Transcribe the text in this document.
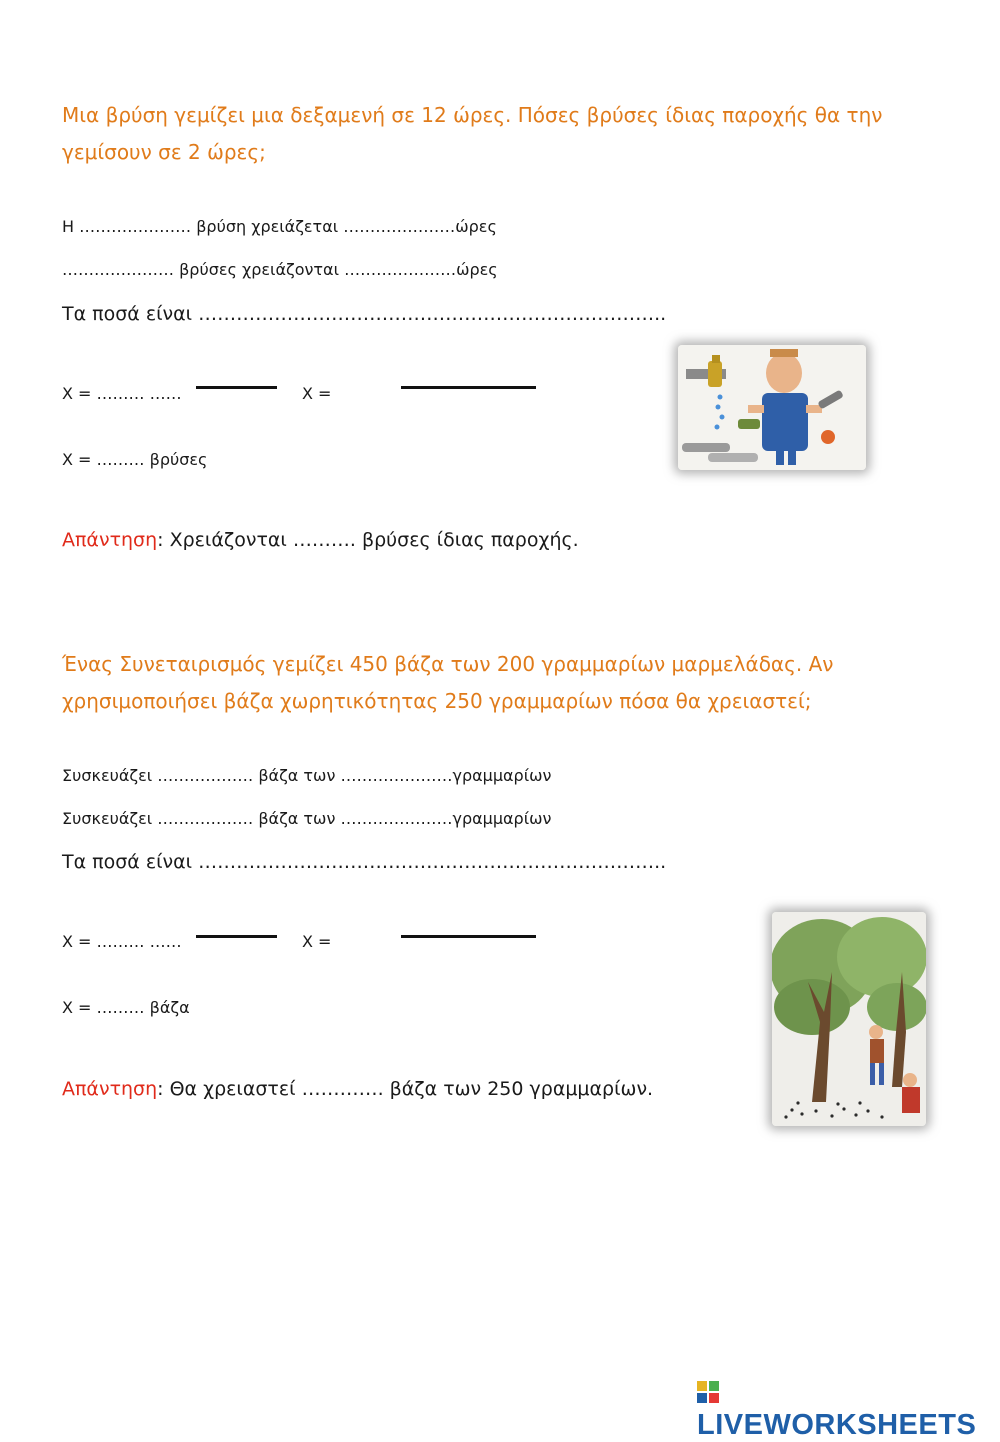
Μια βρύση γεμίζει μια δεξαμενή σε 12 ώρες. Πόσες βρύσες ίδιας παροχής θα την γεμίσουν σε 2 ώρες;
Η ………………… βρύση χρειάζεται …………………ώρες
………………… βρύσες χρειάζονται …………………ώρες
Τα ποσά είναι ………………………………………………………………..
Χ = ……… ……	Χ =
Χ = ……… βρύσες
Απάντηση: Χρειάζονται ………. βρύσες ίδιας παροχής.
Ένας Συνεταιρισμός γεμίζει 450 βάζα των 200 γραμμαρίων μαρμελάδας. Αν χρησιμοποιήσει βάζα χωρητικότητας 250 γραμμαρίων πόσα θα χρειαστεί;
Συσκευάζει ……………… βάζα των …………………γραμμαρίων
Συσκευάζει ……………… βάζα των …………………γραμμαρίων
Τα ποσά είναι ………………………………………………………………..
Χ = ……… ……	Χ =
Χ = ……… βάζα
Απάντηση: Θα χρειαστεί …………. βάζα των 250 γραμμαρίων.
LIVEWORKSHEETS
